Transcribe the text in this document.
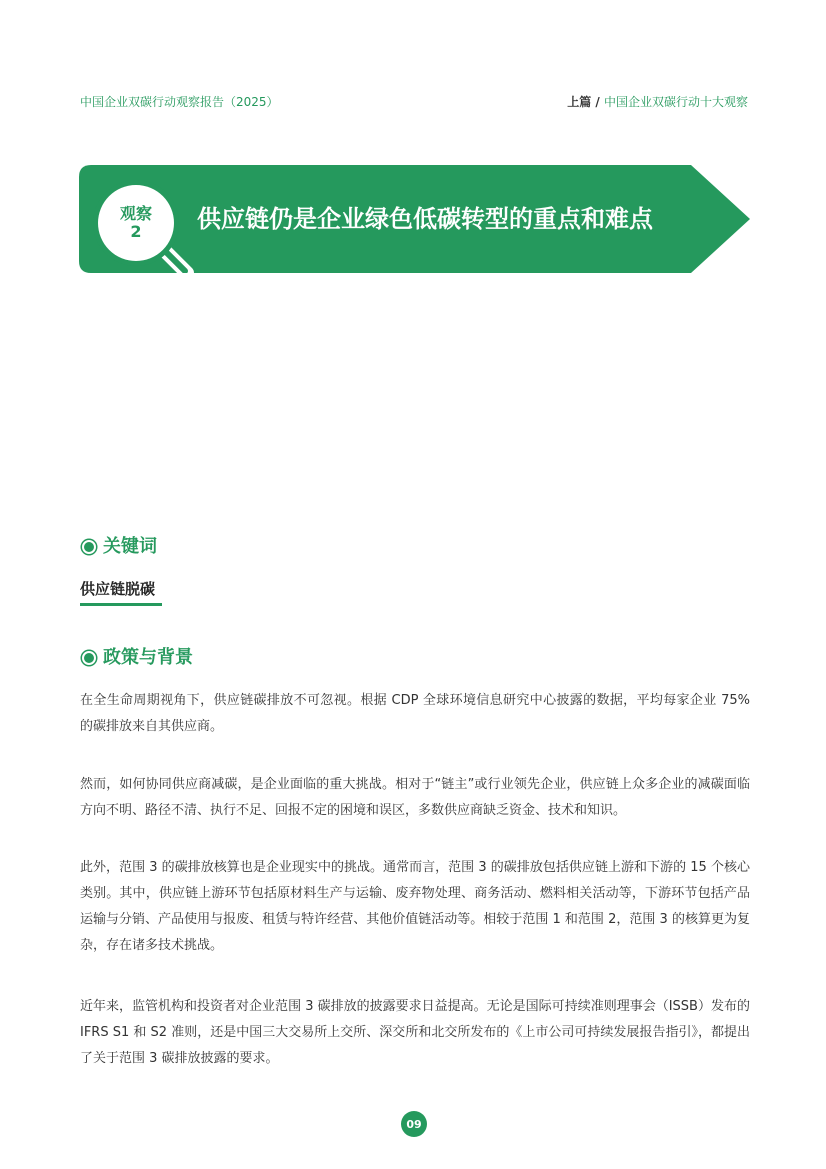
中国企业双碳行动观察报告（2025）	上篇 / 中国企业双碳行动十大观察
观察
2 供应链仍是企业绿色低碳转型的重点和难点
关键词
供应链脱碳
政策与背景

在全生命周期视角下，供应链碳排放不可忽视。根据 CDP 全球环境信息研究中心披露的数据，平均每家企业 75% 的碳排放来自其供应商。

然而，如何协同供应商减碳，是企业面临的重大挑战。相对于“链主”或行业领先企业，供应链上众多企业的减碳面临方向不明、路径不清、执行不足、回报不定的困境和误区，多数供应商缺乏资金、技术和知识。

此外，范围 3 的碳排放核算也是企业现实中的挑战。通常而言，范围 3 的碳排放包括供应链上游和下游的 15 个核心类别。其中，供应链上游环节包括原材料生产与运输、废弃物处理、商务活动、燃料相关活动等，下游环节包括产品运输与分销、产品使用与报废、租赁与特许经营、其他价值链活动等。相较于范围 1 和范围 2，范围 3 的核算更为复杂，存在诸多技术挑战。

近年来，监管机构和投资者对企业范围 3 碳排放的披露要求日益提高。无论是国际可持续准则理事会（ISSB）发布的 IFRS S1 和 S2 准则，还是中国三大交易所上交所、深交所和北交所发布的《上市公司可持续发展报告指引》，都提出了关于范围 3 碳排放披露的要求。

09
